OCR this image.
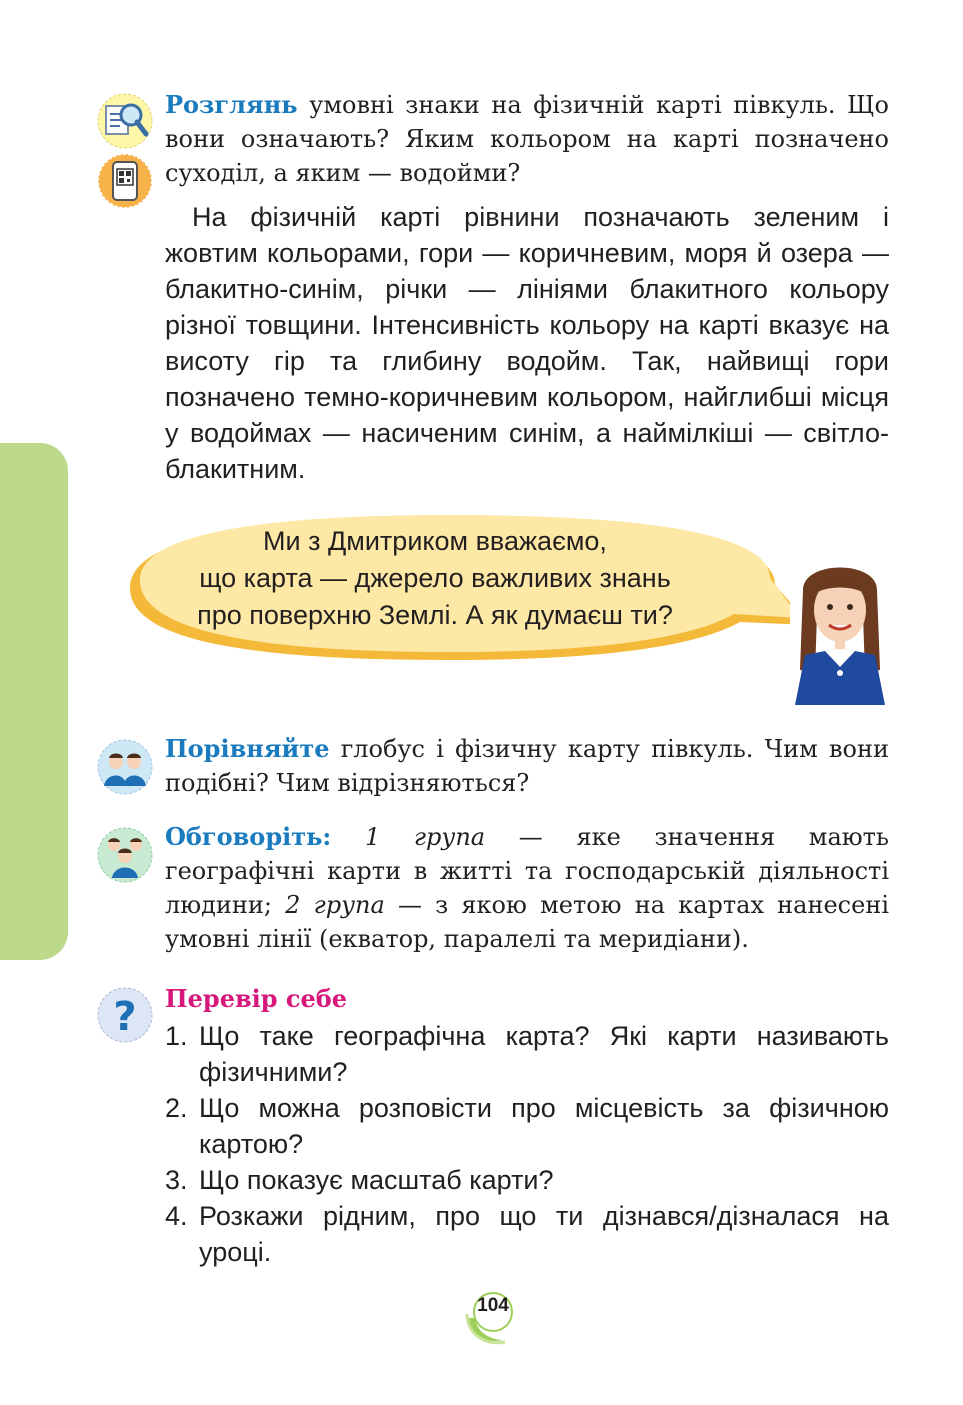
Розглянь умовні знаки на фізичній карті півкуль. Що вони означають? Яким кольором на карті позначено суходіл, а яким — водойми?
На фізичній карті рівнини позначають зеленим і жовтим кольорами, гори — коричневим, моря й озера — блакитно-синім, річки — лініями блакитного кольору різної товщини. Інтенсивність кольору на карті вказує на висоту гір та глибину водойм. Так, найвищі гори позначено темно-коричневим кольором, найглибші місця у водоймах — насиченим синім, а наймілкіші — світло-блакитним.
Ми з Дмитриком вважаємо,
що карта — джерело важливих знань
про поверхню Землі. А як думаєш ти?
Порівняйте глобус і фізичну карту півкуль. Чим вони подібні? Чим відрізняються?
Обговоріть: 1 група — яке значення мають географічні карти в житті та господарській діяльності людини; 2 група — з якою метою на картах нанесені умовні лінії (екватор, паралелі та меридіани).
? Перевір себе
1. Що таке географічна карта? Які карти називають фізичними?
2. Що можна розповісти про місцевість за фізичною картою?
3. Що показує масштаб карти?
4. Розкажи рідним, про що ти дізнався/дізналася на уроці.
104
